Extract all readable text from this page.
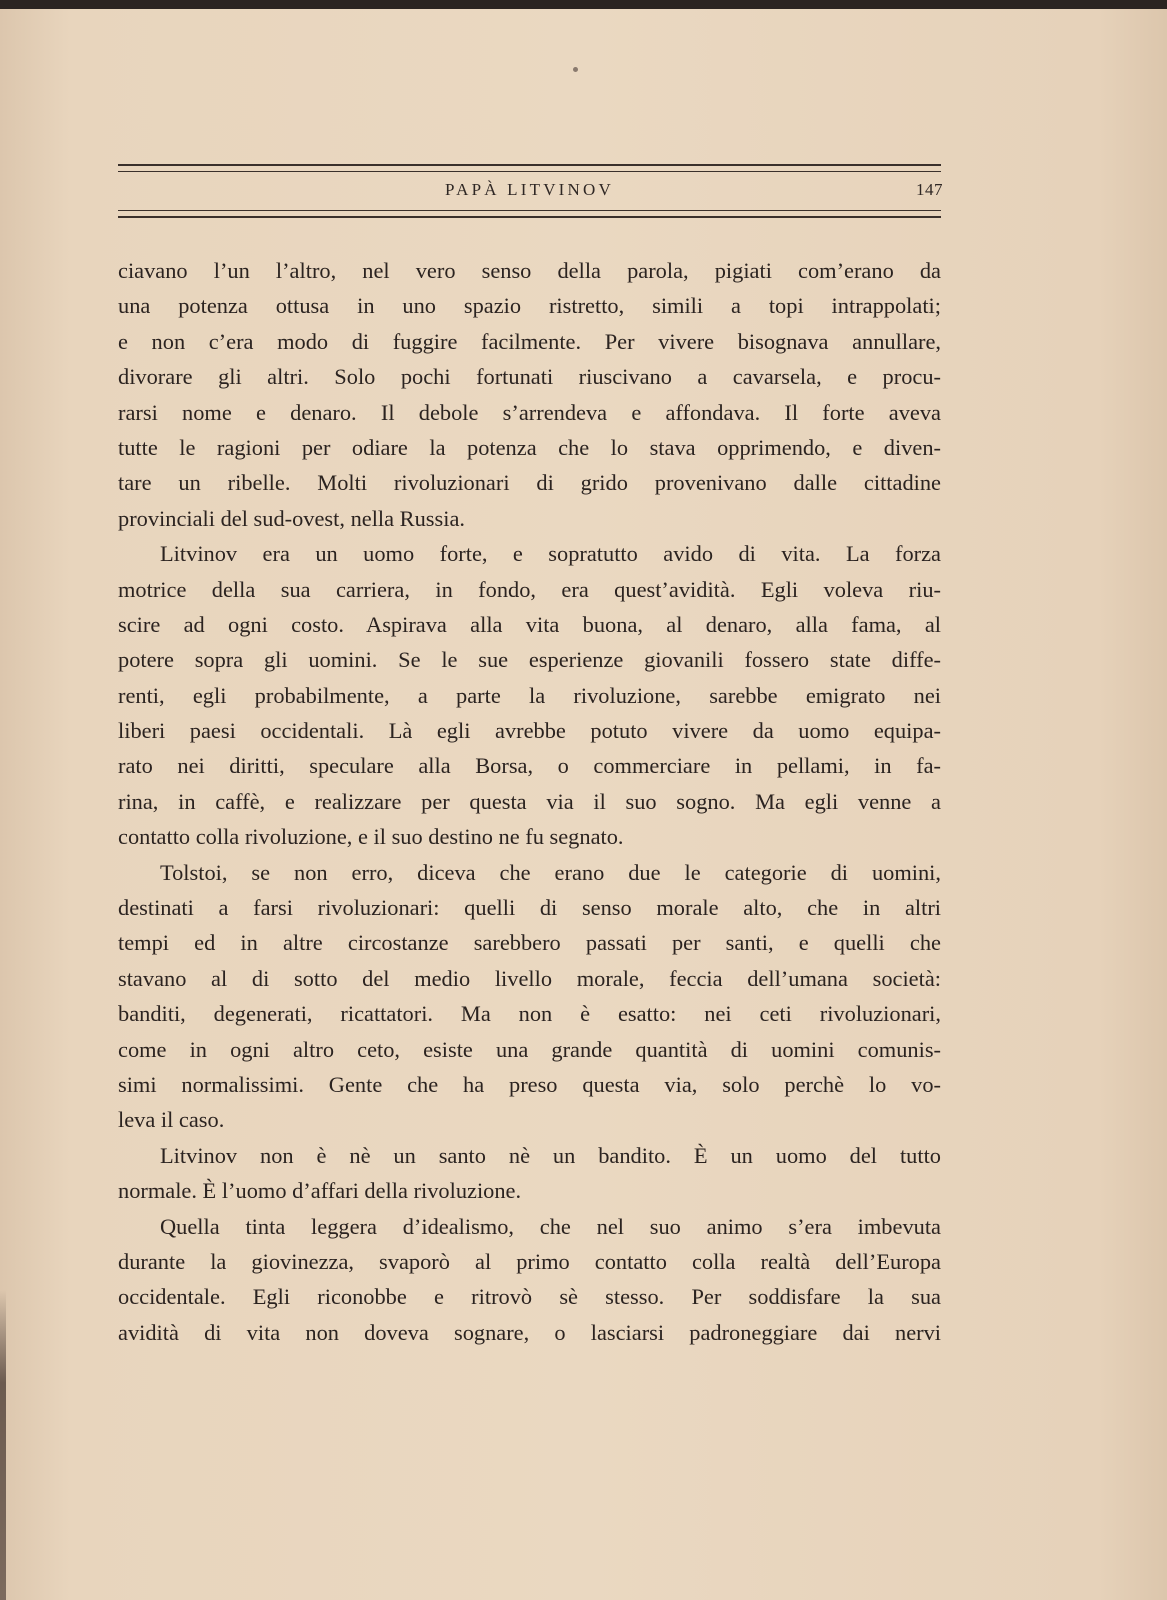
PAPÀ LITVINOV	147
ciavano l’un l’altro, nel vero senso della parola, pigiati com’erano da
una potenza ottusa in uno spazio ristretto, simili a topi intrappolati;
e non c’era modo di fuggire facilmente. Per vivere bisognava annullare,
divorare gli altri. Solo pochi fortunati riuscivano a cavarsela, e procu-
rarsi nome e denaro. Il debole s’arrendeva e affondava. Il forte aveva
tutte le ragioni per odiare la potenza che lo stava opprimendo, e diven-
tare un ribelle. Molti rivoluzionari di grido provenivano dalle cittadine
provinciali del sud-ovest, nella Russia.
Litvinov era un uomo forte, e sopratutto avido di vita. La forza
motrice della sua carriera, in fondo, era quest’avidità. Egli voleva riu-
scire ad ogni costo. Aspirava alla vita buona, al denaro, alla fama, al
potere sopra gli uomini. Se le sue esperienze giovanili fossero state diffe-
renti, egli probabilmente, a parte la rivoluzione, sarebbe emigrato nei
liberi paesi occidentali. Là egli avrebbe potuto vivere da uomo equipa-
rato nei diritti, speculare alla Borsa, o commerciare in pellami, in fa-
rina, in caffè, e realizzare per questa via il suo sogno. Ma egli venne a
contatto colla rivoluzione, e il suo destino ne fu segnato.
Tolstoi, se non erro, diceva che erano due le categorie di uomini,
destinati a farsi rivoluzionari: quelli di senso morale alto, che in altri
tempi ed in altre circostanze sarebbero passati per santi, e quelli che
stavano al di sotto del medio livello morale, feccia dell’umana società:
banditi, degenerati, ricattatori. Ma non è esatto: nei ceti rivoluzionari,
come in ogni altro ceto, esiste una grande quantità di uomini comunis-
simi normalissimi. Gente che ha preso questa via, solo perchè lo vo-
leva il caso.
Litvinov non è nè un santo nè un bandito. È un uomo del tutto
normale. È l’uomo d’affari della rivoluzione.
Quella tinta leggera d’idealismo, che nel suo animo s’era imbevuta
durante la giovinezza, svaporò al primo contatto colla realtà dell’Europa
occidentale. Egli riconobbe e ritrovò sè stesso. Per soddisfare la sua
avidità di vita non doveva sognare, o lasciarsi padroneggiare dai nervi
